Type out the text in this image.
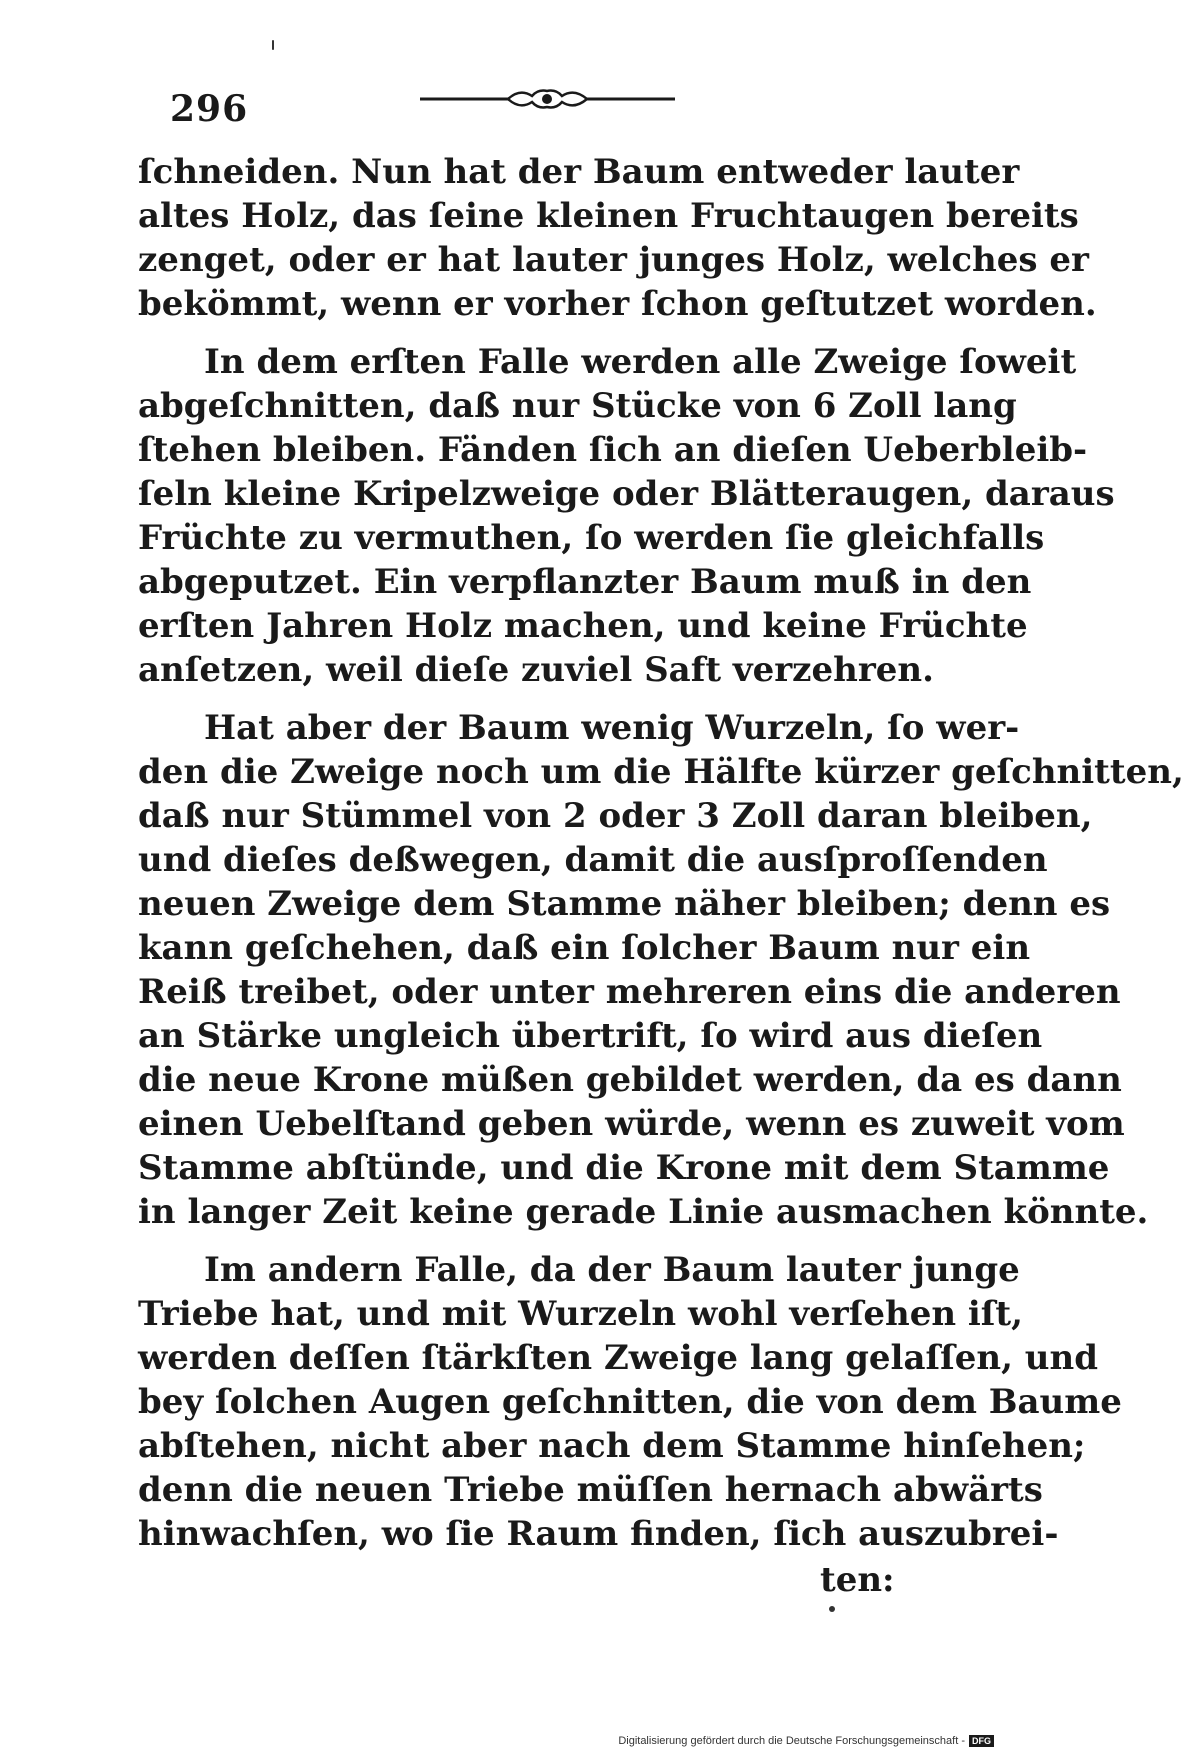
296
ſchneiden. Nun hat der Baum entweder lauter
altes Holz, das ſeine kleinen Fruchtaugen bereits
zenget, oder er hat lauter junges Holz, welches er
bekömmt, wenn er vorher ſchon geſtutzet worden.
In dem erſten Falle werden alle Zweige ſoweit
abgeſchnitten, daß nur Stücke von 6 Zoll lang
ſtehen bleiben. Fänden ſich an dieſen Ueberbleib-
ſeln kleine Kripelzweige oder Blätteraugen, daraus
Früchte zu vermuthen, ſo werden ſie gleichfalls
abgeputzet. Ein verpflanzter Baum muß in den
erſten Jahren Holz machen, und keine Früchte
anſetzen, weil dieſe zuviel Saft verzehren.
Hat aber der Baum wenig Wurzeln, ſo wer-
den die Zweige noch um die Hälfte kürzer geſchnitten,
daß nur Stümmel von 2 oder 3 Zoll daran bleiben,
und dieſes deßwegen, damit die ausſproſſenden
neuen Zweige dem Stamme näher bleiben; denn es
kann geſchehen, daß ein ſolcher Baum nur ein
Reiß treibet, oder unter mehreren eins die anderen
an Stärke ungleich übertrift, ſo wird aus dieſen
die neue Krone müßen gebildet werden, da es dann
einen Uebelſtand geben würde, wenn es zuweit vom
Stamme abſtünde, und die Krone mit dem Stamme
in langer Zeit keine gerade Linie ausmachen könnte.
Im andern Falle, da der Baum lauter junge
Triebe hat, und mit Wurzeln wohl verſehen iſt,
werden deſſen ſtärkſten Zweige lang gelaſſen, und
bey ſolchen Augen geſchnitten, die von dem Baume
abſtehen, nicht aber nach dem Stamme hinſehen;
denn die neuen Triebe müſſen hernach abwärts
hinwachſen, wo ſie Raum finden, ſich auszubrei-
ten:
Digitalisierung gefördert durch die Deutsche Forschungsgemeinschaft - DFG
